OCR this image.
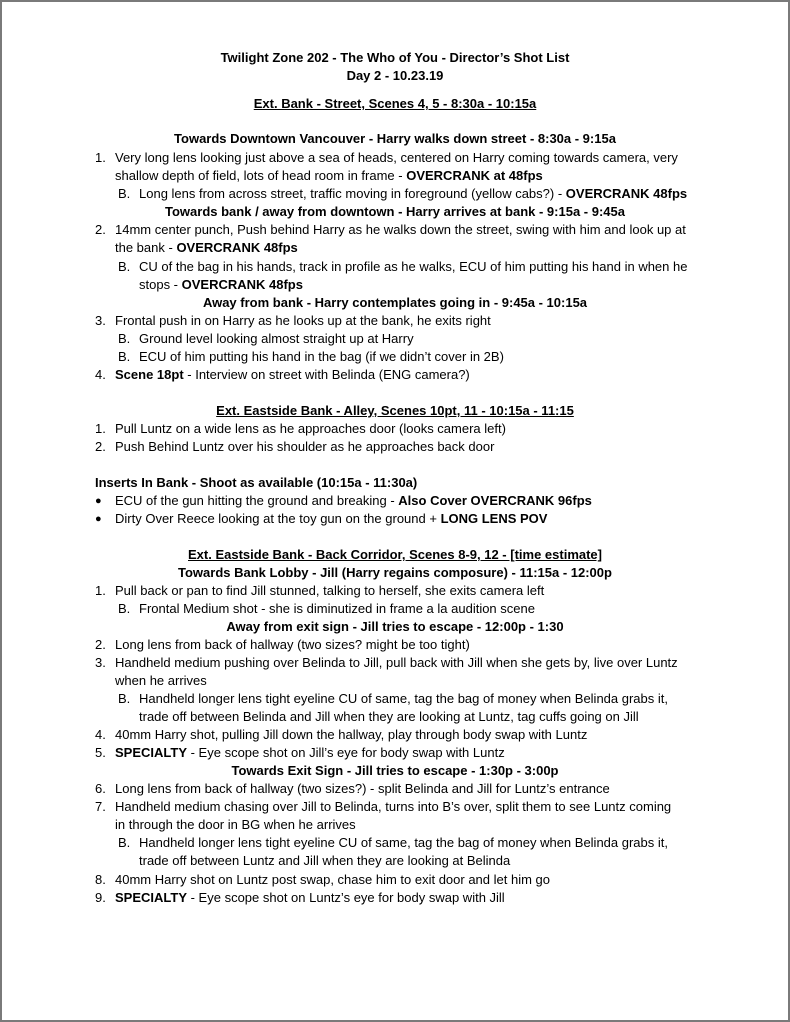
Twilight Zone 202 - The Who of You - Director’s Shot List
Day 2 - 10.23.19
Ext. Bank - Street, Scenes 4, 5 - 8:30a - 10:15a
Towards Downtown Vancouver - Harry walks down street - 8:30a - 9:15a
1. Very long lens looking just above a sea of heads, centered on Harry coming towards camera, very
shallow depth of field, lots of head room in frame - OVERCRANK at 48fps
B. Long lens from across street, traffic moving in foreground (yellow cabs?) - OVERCRANK 48fps
Towards bank / away from downtown - Harry arrives at bank - 9:15a - 9:45a
2. 14mm center punch, Push behind Harry as he walks down the street, swing with him and look up at
the bank - OVERCRANK 48fps
B. CU of the bag in his hands, track in profile as he walks, ECU of him putting his hand in when he
stops - OVERCRANK 48fps
Away from bank - Harry contemplates going in - 9:45a - 10:15a
3. Frontal push in on Harry as he looks up at the bank, he exits right
B. Ground level looking almost straight up at Harry
B. ECU of him putting his hand in the bag (if we didn’t cover in 2B)
4. Scene 18pt - Interview on street with Belinda (ENG camera?)
Ext. Eastside Bank - Alley, Scenes 10pt, 11 - 10:15a - 11:15
1. Pull Luntz on a wide lens as he approaches door (looks camera left)
2. Push Behind Luntz over his shoulder as he approaches back door
Inserts In Bank - Shoot as available (10:15a - 11:30a)
● ECU of the gun hitting the ground and breaking - Also Cover OVERCRANK 96fps
● Dirty Over Reece looking at the toy gun on the ground + LONG LENS POV
Ext. Eastside Bank - Back Corridor, Scenes 8-9, 12 - [time estimate]
Towards Bank Lobby - Jill (Harry regains composure) - 11:15a - 12:00p
1. Pull back or pan to find Jill stunned, talking to herself, she exits camera left
B. Frontal Medium shot - she is diminutized in frame a la audition scene
Away from exit sign - Jill tries to escape - 12:00p - 1:30
2. Long lens from back of hallway (two sizes? might be too tight)
3. Handheld medium pushing over Belinda to Jill, pull back with Jill when she gets by, live over Luntz
when he arrives
B. Handheld longer lens tight eyeline CU of same, tag the bag of money when Belinda grabs it,
trade off between Belinda and Jill when they are looking at Luntz, tag cuffs going on Jill
4. 40mm Harry shot, pulling Jill down the hallway, play through body swap with Luntz
5. SPECIALTY - Eye scope shot on Jill’s eye for body swap with Luntz
Towards Exit Sign - Jill tries to escape - 1:30p - 3:00p
6. Long lens from back of hallway (two sizes?) - split Belinda and Jill for Luntz’s entrance
7. Handheld medium chasing over Jill to Belinda, turns into B’s over, split them to see Luntz coming
in through the door in BG when he arrives
B. Handheld longer lens tight eyeline CU of same, tag the bag of money when Belinda grabs it,
trade off between Luntz and Jill when they are looking at Belinda
8. 40mm Harry shot on Luntz post swap, chase him to exit door and let him go
9. SPECIALTY - Eye scope shot on Luntz’s eye for body swap with Jill
